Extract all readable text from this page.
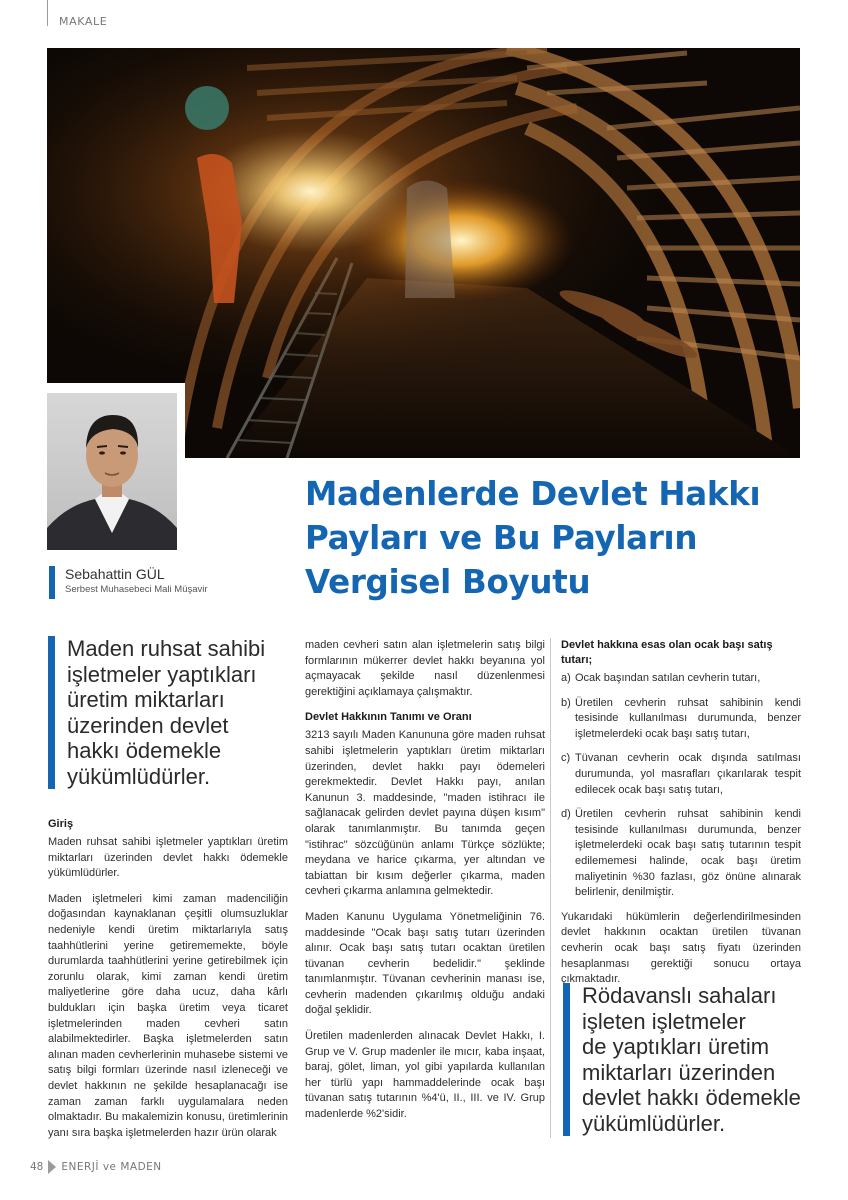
MAKALE
Sebahattin GÜL
Serbest Muhasebeci Mali Müşavir
Madenlerde Devlet Hakkı
Payları ve Bu Payların
Vergisel Boyutu
Maden ruhsat sahibi
işletmeler yaptıkları
üretim miktarları
üzerinden devlet
hakkı ödemekle
yükümlüdürler.
Giriş

Maden ruhsat sahibi işletmeler yaptıkları üretim miktarları üzerinden devlet hakkı ödemekle yükümlüdürler.

Maden işletmeleri kimi zaman madenciliğin doğasından kaynaklanan çeşitli olumsuzluklar nedeniyle kendi üretim miktarlarıyla satış taahhütlerini yerine getirememekte, böyle durumlarda taahhütlerini yerine getirebilmek için zorunlu olarak, kimi zaman kendi üretim maliyetlerine göre daha ucuz, daha kârlı buldukları için başka üretim veya ticaret işletmelerinden maden cevheri satın alabilmektedirler. Başka işletmelerden satın alınan maden cevherlerinin muhasebe sistemi ve satış bilgi formları üzerinde nasıl izleneceği ve devlet hakkının ne şekilde hesaplanacağı ise zaman zaman farklı uygulamalara neden olmaktadır. Bu makalemizin konusu, üretimlerinin yanı sıra başka işletmelerden hazır ürün olarak

maden cevheri satın alan işletmelerin satış bilgi formlarının mükerrer devlet hakkı beyanına yol açmayacak şekilde nasıl düzenlenmesi gerektiğini açıklamaya çalışmaktır.

Devlet Hakkının Tanımı ve Oranı

3213 sayılı Maden Kanununa göre maden ruhsat sahibi işletmelerin yaptıkları üretim miktarları üzerinden, devlet hakkı payı ödemeleri gerekmektedir. Devlet Hakkı payı, anılan Kanunun 3. maddesinde, "maden istihracı ile sağlanacak gelirden devlet payına düşen kısım" olarak tanımlanmıştır. Bu tanımda geçen "istihrac" sözcüğünün anlamı Türkçe sözlükte; meydana ve harice çıkarma, yer altından ve tabiattan bir kısım değerler çıkarma, maden cevheri çıkarma anlamına gelmektedir.

Maden Kanunu Uygulama Yönetmeliğinin 76. maddesinde "Ocak başı satış tutarı üzerinden alınır. Ocak başı satış tutarı ocaktan üretilen tüvanan cevherin bedelidir." şeklinde tanımlanmıştır. Tüvanan cevherinin manası ise, cevherin madenden çıkarılmış olduğu andaki doğal şeklidir.

Üretilen madenlerden alınacak Devlet Hakkı, I. Grup ve V. Grup madenler ile mıcır, kaba inşaat, baraj, gölet, liman, yol gibi yapılarda kullanılan her türlü yapı hammaddelerinde ocak başı tüvanan satış tutarının %4'ü, II., III. ve IV. Grup madenlerde %2'sidir.

Devlet hakkına esas olan ocak başı satış tutarı;
a) Ocak başından satılan cevherin tutarı,
b) Üretilen cevherin ruhsat sahibinin kendi tesisinde kullanılması durumunda, benzer işletmelerdeki ocak başı satış tutarı,
c) Tüvanan cevherin ocak dışında satılması durumunda, yol masrafları çıkarılarak tespit edilecek ocak başı satış tutarı,
d) Üretilen cevherin ruhsat sahibinin kendi tesisinde kullanılması durumunda, benzer işletmelerdeki ocak başı satış tutarının tespit edilememesi halinde, ocak başı üretim maliyetinin %30 fazlası, göz önüne alınarak belirlenir, denilmiştir.

Yukarıdaki hükümlerin değerlendirilmesinden devlet hakkının ocaktan üretilen tüvanan cevherin ocak başı satış fiyatı üzerinden hesaplanması gerektiği sonucu ortaya çıkmaktadır.

Rödavanslı sahaları
işleten işletmeler
de yaptıkları üretim
miktarları üzerinden
devlet hakkı ödemekle
yükümlüdürler.
48 ENERJİ ve MADEN
